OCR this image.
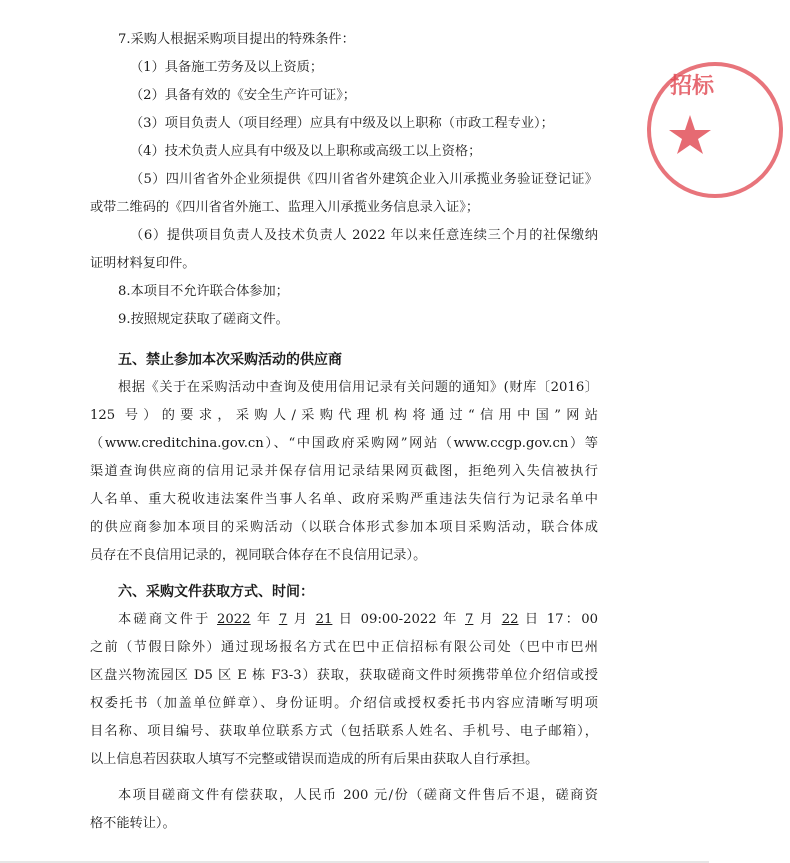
招标
7.采购人根据采购项目提出的特殊条件：
（1）具备施工劳务及以上资质；
（2）具备有效的《安全生产许可证》；
（3）项目负责人（项目经理）应具有中级及以上职称（市政工程专业）；
（4）技术负责人应具有中级及以上职称或高级工以上资格；
（5）四川省省外企业须提供《四川省省外建筑企业入川承揽业务验证登记证》
或带二维码的《四川省省外施工、监理入川承揽业务信息录入证》；
（6）提供项目负责人及技术负责人 2022 年以来任意连续三个月的社保缴纳
证明材料复印件。
8.本项目不允许联合体参加；
9.按照规定获取了磋商文件。
五、禁止参加本次采购活动的供应商
根据《关于在采购活动中查询及使用信用记录有关问题的通知》(财库〔2016〕
125 号）的要求，采购人/采购代理机构将通过“信用中国”网站
（www.creditchina.gov.cn）、“中国政府采购网”网站（www.ccgp.gov.cn）等
渠道查询供应商的信用记录并保存信用记录结果网页截图，拒绝列入失信被执行
人名单、重大税收违法案件当事人名单、政府采购严重违法失信行为记录名单中
的供应商参加本项目的采购活动（以联合体形式参加本项目采购活动，联合体成
员存在不良信用记录的，视同联合体存在不良信用记录）。
六、采购文件获取方式、时间：
本磋商文件于 2022 年 7 月 21 日 09:00-2022 年 7 月 22 日 17：00
之前（节假日除外）通过现场报名方式在巴中正信招标有限公司处（巴中市巴州
区盘兴物流园区 D5 区 E 栋 F3-3）获取，获取磋商文件时须携带单位介绍信或授
权委托书（加盖单位鲜章）、身份证明。介绍信或授权委托书内容应清晰写明项
目名称、项目编号、获取单位联系方式（包括联系人姓名、手机号、电子邮箱），
以上信息若因获取人填写不完整或错误而造成的所有后果由获取人自行承担。
本项目磋商文件有偿获取，人民币 200 元/份（磋商文件售后不退，磋商资
格不能转让）。
